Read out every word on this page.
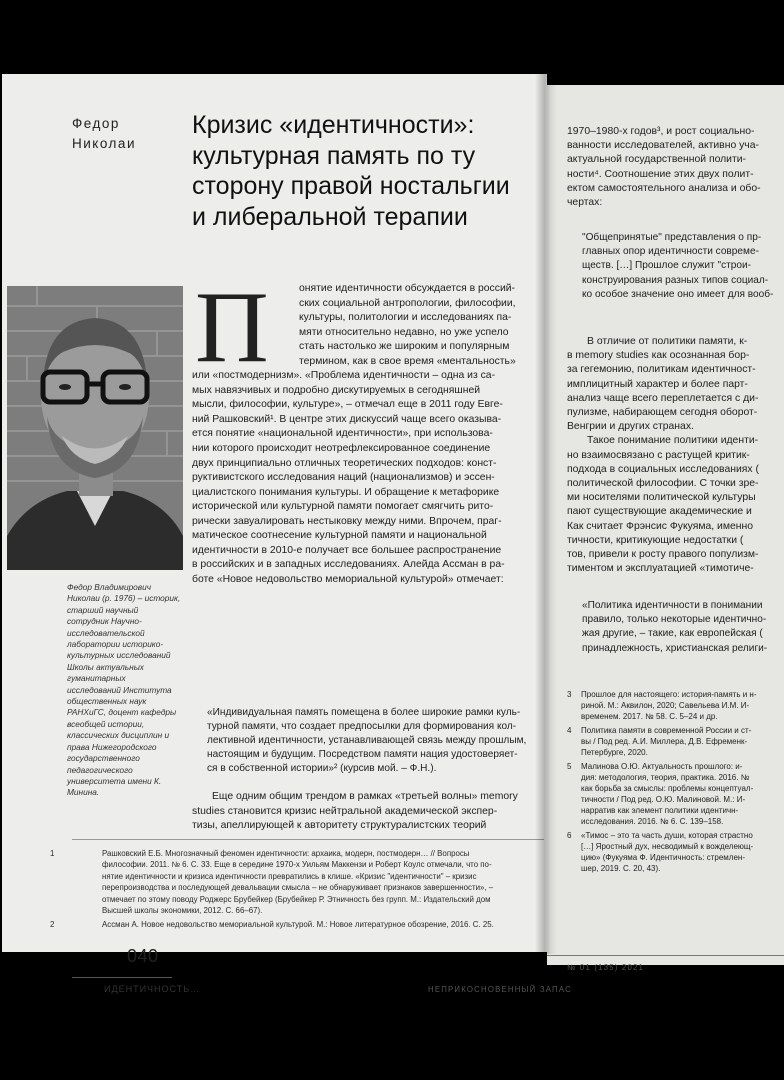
Федор
Николаи
Кризис «идентичности»:
культурная память по ту
сторону правой ностальгии
и либеральной терапии
Федор Владимирович Николаи (р. 1976) – историк, старший научный сотрудник Научно-исследовательской лаборатории историко-культурных исследований Школы актуальных гуманитарных исследований Института общественных наук РАНХиГС, доцент кафедры всеобщей истории, классических дисциплин и права Нижегородского государственного педагогического университета имени К. Минина.
П	онятие идентичности обсуждается в россий-
ских социальной антропологии, философии,
культуры, политологии и исследованиях па-
мяти относительно недавно, но уже успело
стать настолько же широким и популярным
термином, как в свое время «ментальность»
или «постмодернизм». «Проблема идентичности – одна из са-
мых навязчивых и подробно дискутируемых в сегодняшней
мысли, философии, культуре», – отмечал еще в 2011 году Евге-
ний Рашковский¹. В центре этих дискуссий чаще всего оказыва-
ется понятие «национальной идентичности», при использова-
нии которого происходит неотрефлексированное соединение
двух принципиально отличных теоретических подходов: конст-
руктивистского исследования наций (национализмов) и эссен-
циалистского понимания культуры. И обращение к метафорике
исторической или культурной памяти помогает смягчить рито-
рически завуалировать нестыковку между ними. Впрочем, праг-
матическое соотнесение культурной памяти и национальной
идентичности в 2010-е получает все большее распространение
в российских и в западных исследованиях. Алейда Ассман в ра-
боте «Новое недовольство мемориальной культурой» отмечает:
«Индивидуальная память помещена в более широкие рамки куль-
турной памяти, что создает предпосылки для формирования кол-
лективной идентичности, устанавливающей связь между прошлым,
настоящим и будущим. Посредством памяти нация удостоверяет-
ся в собственной истории»² (курсив мой. – Ф.Н.).
Еще одним общим трендом в рамках «третьей волны» memory
studies становится кризис нейтральной академической экспер-
тизы, апеллирующей к авторитету структуралистских теорий
1	Рашковский Е.Б. Многозначный феномен идентичности: архаика, модерн, постмодерн… // Вопросы
философии. 2011. № 6. С. 33. Еще в середине 1970-х Уильям Маккензи и Роберт Коулс отмечали, что по-
нятие идентичности и кризиса идентичности превратились в клише. «Кризис "идентичности" – кризис
перепроизводства и последующей девальвации смысла – не обнаруживает признаков завершенности», –
отмечает по этому поводу Роджерс Брубейкер (Брубейкер Р. Этничность без групп. М.: Издательский дом
Высшей школы экономики, 2012. С. 66–67).
2	Ассман А. Новое недовольство мемориальной культурой. М.: Новое литературное обозрение, 2016. С. 25.
040
ИДЕНТИЧНОСТЬ…	НЕПРИКОСНОВЕННЫЙ ЗАПАС
1970–1980-х годов³, и рост социально-
ванности исследователей, активно уча-
актуальной государственной полити-
ности⁴. Соотношение этих двух полит-
ектом самостоятельного анализа и обо-
чертах:
"Общепринятые" представления о пр-
главных опор идентичности совреме-
ществ. […] Прошлое служит "строи-
конструирования разных типов социал-
ко особое значение оно имеет для вооб-
В отличие от политики памяти, к-
в memory studies как осознанная бор-
за гегемонию, политикам идентичност-
имплицитный характер и более парт-
анализ чаще всего переплетается с ди-
пулизме, набирающем сегодня оборот-
Венгрии и других странах.
Такое понимание политики иденти-
но взаимосвязано с растущей критик-
подхода в социальных исследованиях (
политической философии. С точки зре-
ми носителями политической культуры
пают существующие академические и
Как считает Фрэнсис Фукуяма, именно
тичности, критикующие недостатки (
тов, привели к росту правого популизм-
тиментом и эксплуатацией «тимотиче-
«Политика идентичности в понимании
правило, только некоторые идентично-
жая другие, – такие, как европейская (
принадлежность, христианская религи-
3 Прошлое для настоящего: история-память и н-
риной. М.: Аквилон, 2020; Савельева И.М. И-
временем. 2017. № 58. С. 5–24 и др.
4 Политика памяти в современной России и ст-
вы / Под ред. А.И. Миллера, Д.В. Ефременк-
Петербурге, 2020.
5 Малинова О.Ю. Актуальность прошлого: и-
дия: методология, теория, практика. 2016. №
как борьба за смыслы: проблемы концептуал-
тичности / Под ред. О.Ю. Малиновой. М.: И-
нарратив как элемент политики идентичн-
исследования. 2016. № 6. С. 139–158.
6 «Тимос – это та часть души, которая страстно
[…] Яростный дух, несводимый к вожделеющ-
цию» (Фукуяма Ф. Идентичность: стремлен-
шер, 2019. С. 20, 43).
№ 01 (135) 2021
